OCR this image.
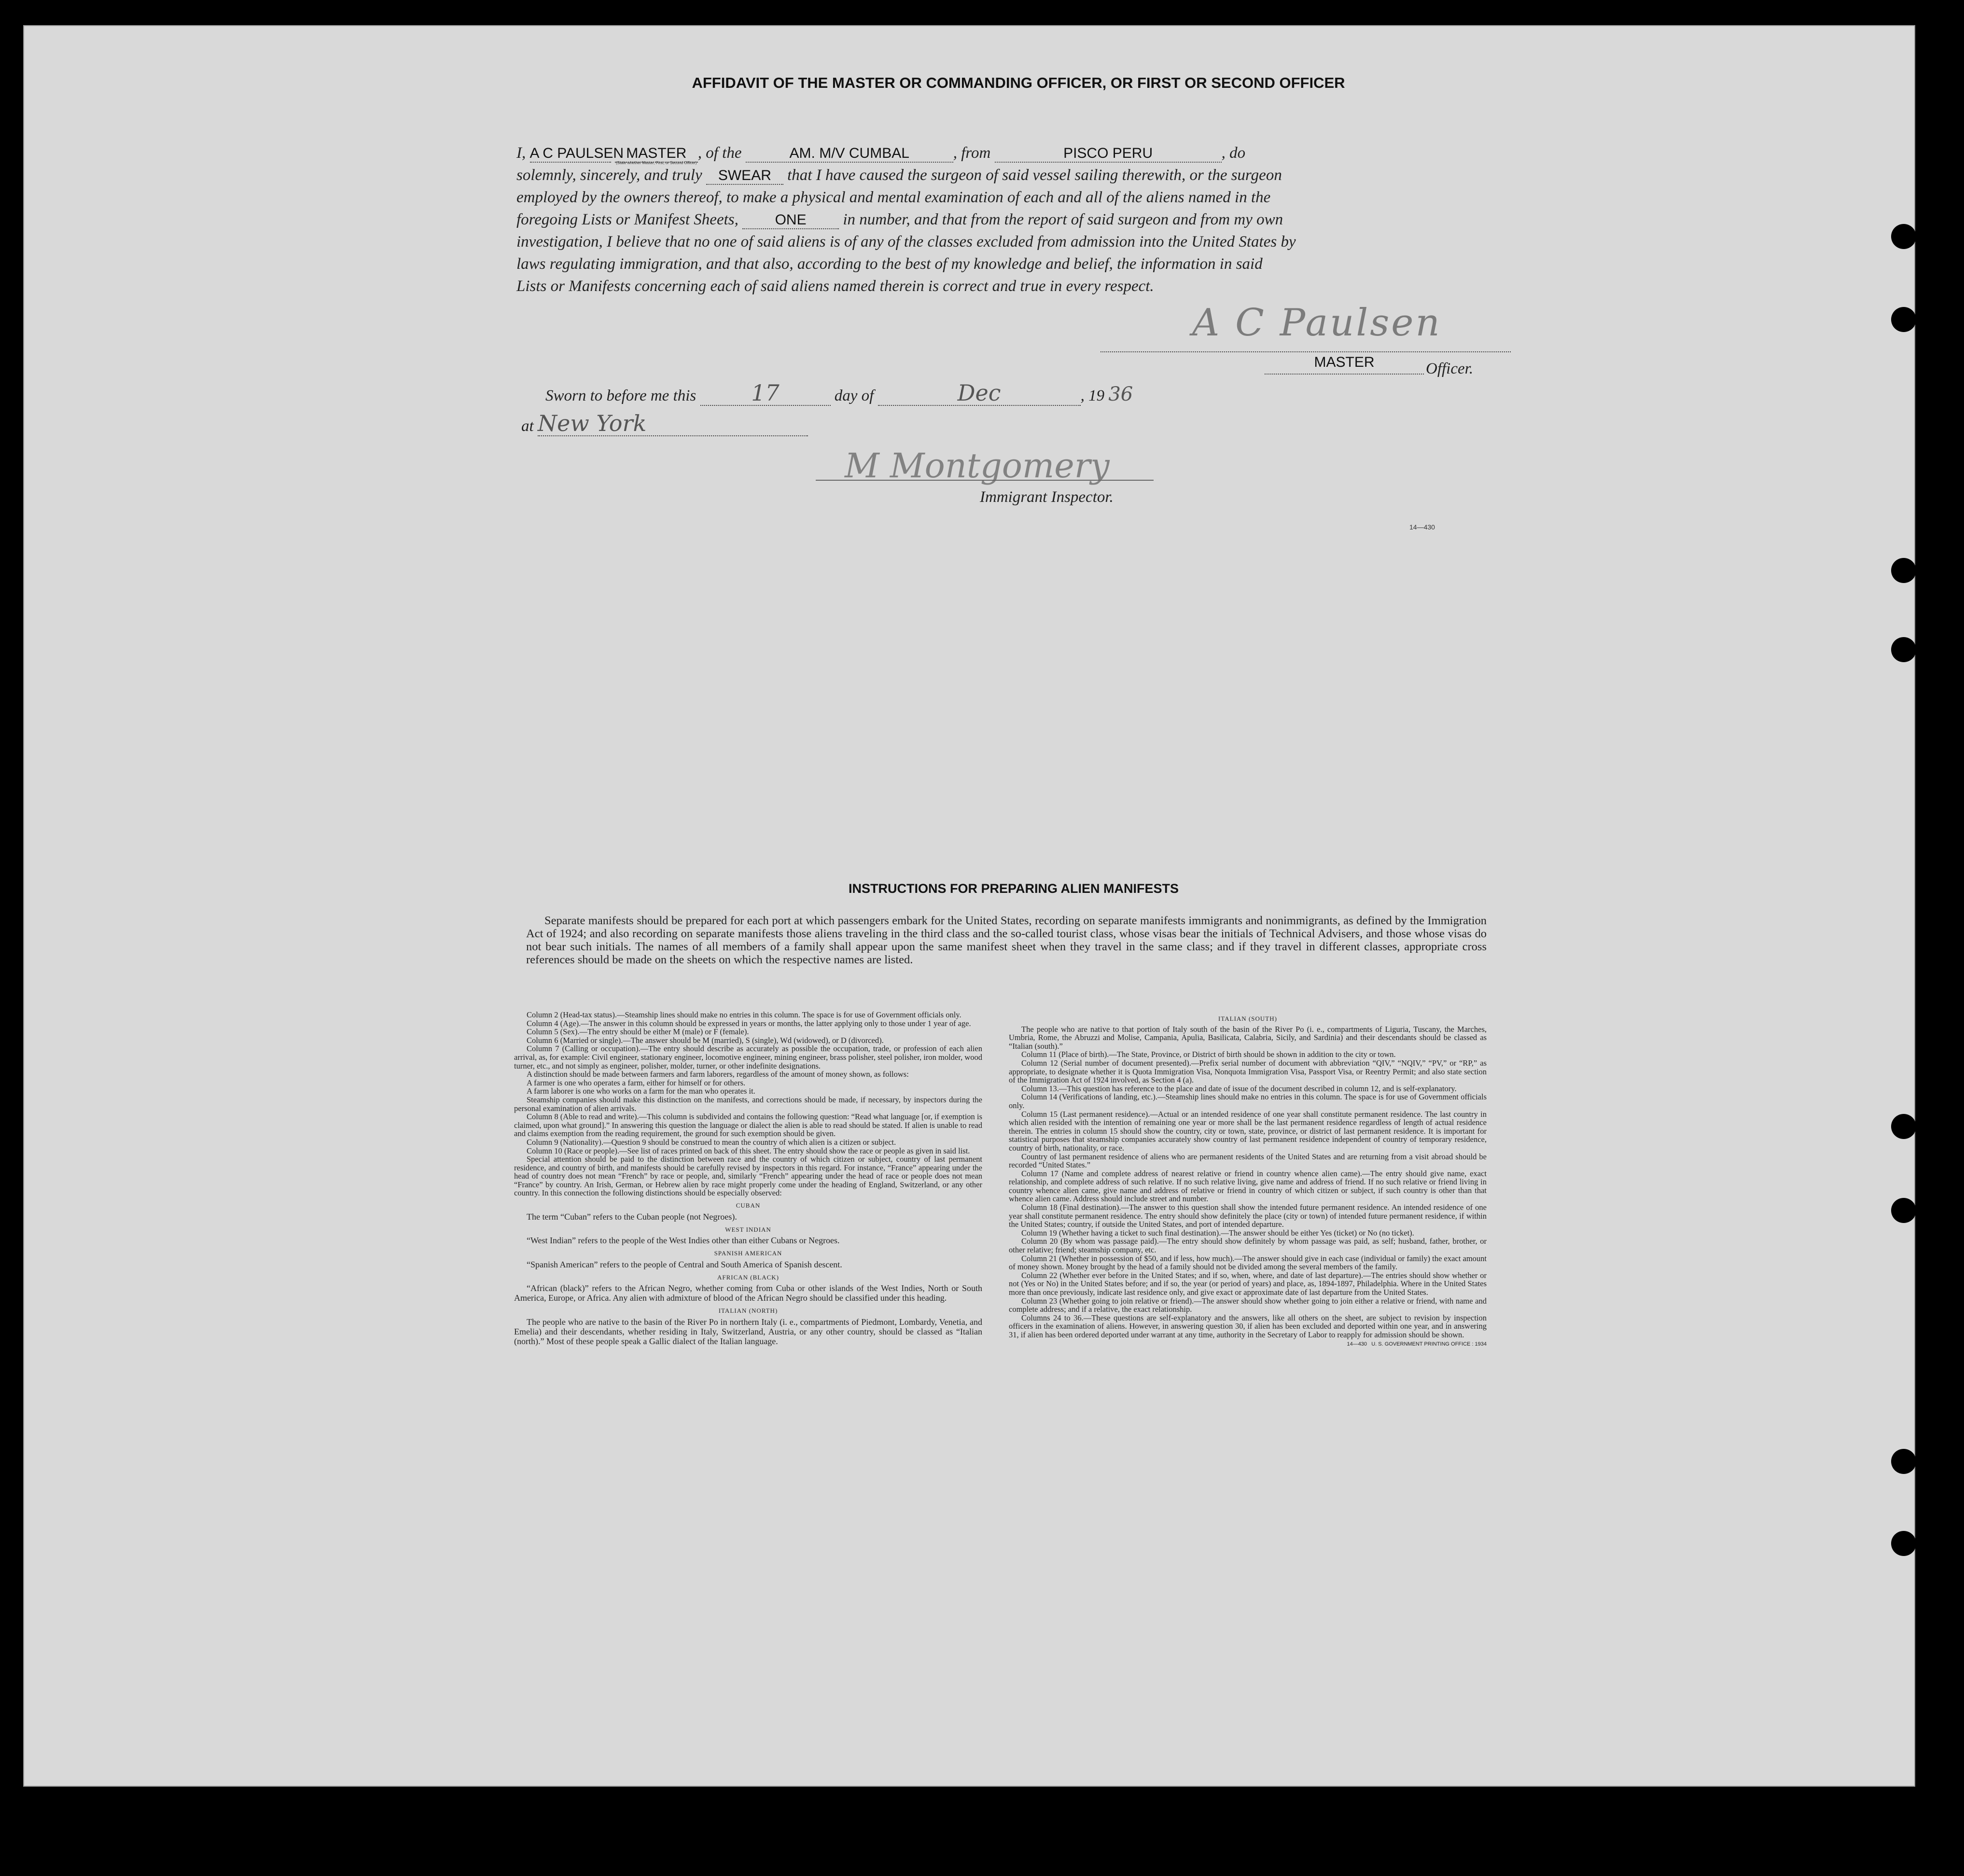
AFFIDAVIT OF THE MASTER OR COMMANDING OFFICER, OR FIRST OR SECOND OFFICER
I, A C PAULSEN MASTER
(State whether Master, First, or Second Officer)
, of the	AM. M/V CUMBAL	, from	PISCO PERU	, do
solemnly, sincerely, and truly SWEAR that I have caused the surgeon of said vessel sailing therewith, or the surgeon
employed by the owners thereof, to make a physical and mental examination of each and all of the aliens named in the
foregoing Lists or Manifest Sheets,	ONE in number, and that from the report of said surgeon and from my own
investigation, I believe that no one of said aliens is of any of the classes excluded from admission into the United States by
laws regulating immigration, and that also, according to the best of my knowledge and belief, the information in said
Lists or Manifests concerning each of said aliens named therein is correct and true in every respect.
A C Paulsen
MASTER	Officer.
Sworn to before me this 17	day of	Dec	, 19 36
at New York
M Montgomery
Immigrant Inspector.
14—430
INSTRUCTIONS FOR PREPARING ALIEN MANIFESTS
Separate manifests should be prepared for each port at which passengers embark for the United States, recording on separate manifests immigrants and nonimmigrants, as defined by the Immigration Act of 1924; and also recording on separate manifests those aliens traveling in the third class and the so-called tourist class, whose visas bear the initials of Technical Advisers, and those whose visas do not bear such initials. The names of all members of a family shall appear upon the same manifest sheet when they travel in the same class; and if they travel in different classes, appropriate cross references should be made on the sheets on which the respective names are listed.

Column 2 (Head-tax status).—Steamship lines should make no entries in this column. The space is for use of Government officials only.

Column 4 (Age).—The answer in this column should be expressed in years or months, the latter applying only to those under 1 year of age.

Column 5 (Sex).—The entry should be either M (male) or F (female).

Column 6 (Married or single).—The answer should be M (married), S (single), Wd (widowed), or D (divorced).

Column 7 (Calling or occupation).—The entry should describe as accurately as possible the occupation, trade, or profession of each alien arrival, as, for example: Civil engineer, stationary engineer, locomotive engineer, mining engineer, brass polisher, steel polisher, iron molder, wood turner, etc., and not simply as engineer, polisher, molder, turner, or other indefinite designations.

A distinction should be made between farmers and farm laborers, regardless of the amount of money shown, as follows:

A farmer is one who operates a farm, either for himself or for others.

A farm laborer is one who works on a farm for the man who operates it.

Steamship companies should make this distinction on the manifests, and corrections should be made, if necessary, by inspectors during the personal examination of alien arrivals.

Column 8 (Able to read and write).—This column is subdivided and contains the following question: “Read what language [or, if exemption is claimed, upon what ground].” In answering this question the language or dialect the alien is able to read should be stated. If alien is unable to read and claims exemption from the reading requirement, the ground for such exemption should be given.

Column 9 (Nationality).—Question 9 should be construed to mean the country of which alien is a citizen or subject.

Column 10 (Race or people).—See list of races printed on back of this sheet. The entry should show the race or people as given in said list.

Special attention should be paid to the distinction between race and the country of which citizen or subject, country of last permanent residence, and country of birth, and manifests should be carefully revised by inspectors in this regard. For instance, “France” appearing under the head of country does not mean “French” by race or people, and, similarly “French” appearing under the head of race or people does not mean “France” by country. An Irish, German, or Hebrew alien by race might properly come under the heading of England, Switzerland, or any other country. In this connection the following distinctions should be especially observed:

CUBAN

The term “Cuban” refers to the Cuban people (not Negroes).

WEST INDIAN

“West Indian” refers to the people of the West Indies other than either Cubans or Negroes.

SPANISH AMERICAN

“Spanish American” refers to the people of Central and South America of Spanish descent.

AFRICAN (BLACK)

“African (black)” refers to the African Negro, whether coming from Cuba or other islands of the West Indies, North or South America, Europe, or Africa. Any alien with admixture of blood of the African Negro should be classified under this heading.

ITALIAN (NORTH)

The people who are native to the basin of the River Po in northern Italy (i. e., compartments of Piedmont, Lombardy, Venetia, and Emelia) and their descendants, whether residing in Italy, Switzerland, Austria, or any other country, should be classed as “Italian (north).” Most of these people speak a Gallic dialect of the Italian language.

ITALIAN (SOUTH)

The people who are native to that portion of Italy south of the basin of the River Po (i. e., compartments of Liguria, Tuscany, the Marches, Umbria, Rome, the Abruzzi and Molise, Campania, Apulia, Basilicata, Calabria, Sicily, and Sardinia) and their descendants should be classed as “Italian (south).”

Column 11 (Place of birth).—The State, Province, or District of birth should be shown in addition to the city or town.

Column 12 (Serial number of document presented).—Prefix serial number of document with abbreviation “QIV,” “NQIV,” “PV,” or “RP,” as appropriate, to designate whether it is Quota Immigration Visa, Nonquota Immigration Visa, Passport Visa, or Reentry Permit; and also state section of the Immigration Act of 1924 involved, as Section 4 (a).

Column 13.—This question has reference to the place and date of issue of the document described in column 12, and is self-explanatory.

Column 14 (Verifications of landing, etc.).—Steamship lines should make no entries in this column. The space is for use of Government officials only.

Column 15 (Last permanent residence).—Actual or an intended residence of one year shall constitute permanent residence. The last country in which alien resided with the intention of remaining one year or more shall be the last permanent residence regardless of length of actual residence therein. The entries in column 15 should show the country, city or town, state, province, or district of last permanent residence. It is important for statistical purposes that steamship companies accurately show country of last permanent residence independent of country of temporary residence, country of birth, nationality, or race.

Country of last permanent residence of aliens who are permanent residents of the United States and are returning from a visit abroad should be recorded “United States.”

Column 17 (Name and complete address of nearest relative or friend in country whence alien came).—The entry should give name, exact relationship, and complete address of such relative. If no such relative living, give name and address of friend. If no such relative or friend living in country whence alien came, give name and address of relative or friend in country of which citizen or subject, if such country is other than that whence alien came. Address should include street and number.

Column 18 (Final destination).—The answer to this question shall show the intended future permanent residence. An intended residence of one year shall constitute permanent residence. The entry should show definitely the place (city or town) of intended future permanent residence, if within the United States; country, if outside the United States, and port of intended departure.

Column 19 (Whether having a ticket to such final destination).—The answer should be either Yes (ticket) or No (no ticket).

Column 20 (By whom was passage paid).—The entry should show definitely by whom passage was paid, as self; husband, father, brother, or other relative; friend; steamship company, etc.

Column 21 (Whether in possession of $50, and if less, how much).—The answer should give in each case (individual or family) the exact amount of money shown. Money brought by the head of a family should not be divided among the several members of the family.

Column 22 (Whether ever before in the United States; and if so, when, where, and date of last departure).—The entries should show whether or not (Yes or No) in the United States before; and if so, the year (or period of years) and place, as, 1894-1897, Philadelphia. Where in the United States more than once previously, indicate last residence only, and give exact or approximate date of last departure from the United States.

Column 23 (Whether going to join relative or friend).—The answer should show whether going to join either a relative or friend, with name and complete address; and if a relative, the exact relationship.

Columns 24 to 36.—These questions are self-explanatory and the answers, like all others on the sheet, are subject to revision by inspection officers in the examination of aliens. However, in answering question 30, if alien has been excluded and deported within one year, and in answering 31, if alien has been ordered deported under warrant at any time, authority in the Secretary of Labor to reapply for admission should be shown.

14—430   U. S. GOVERNMENT PRINTING OFFICE : 1934
